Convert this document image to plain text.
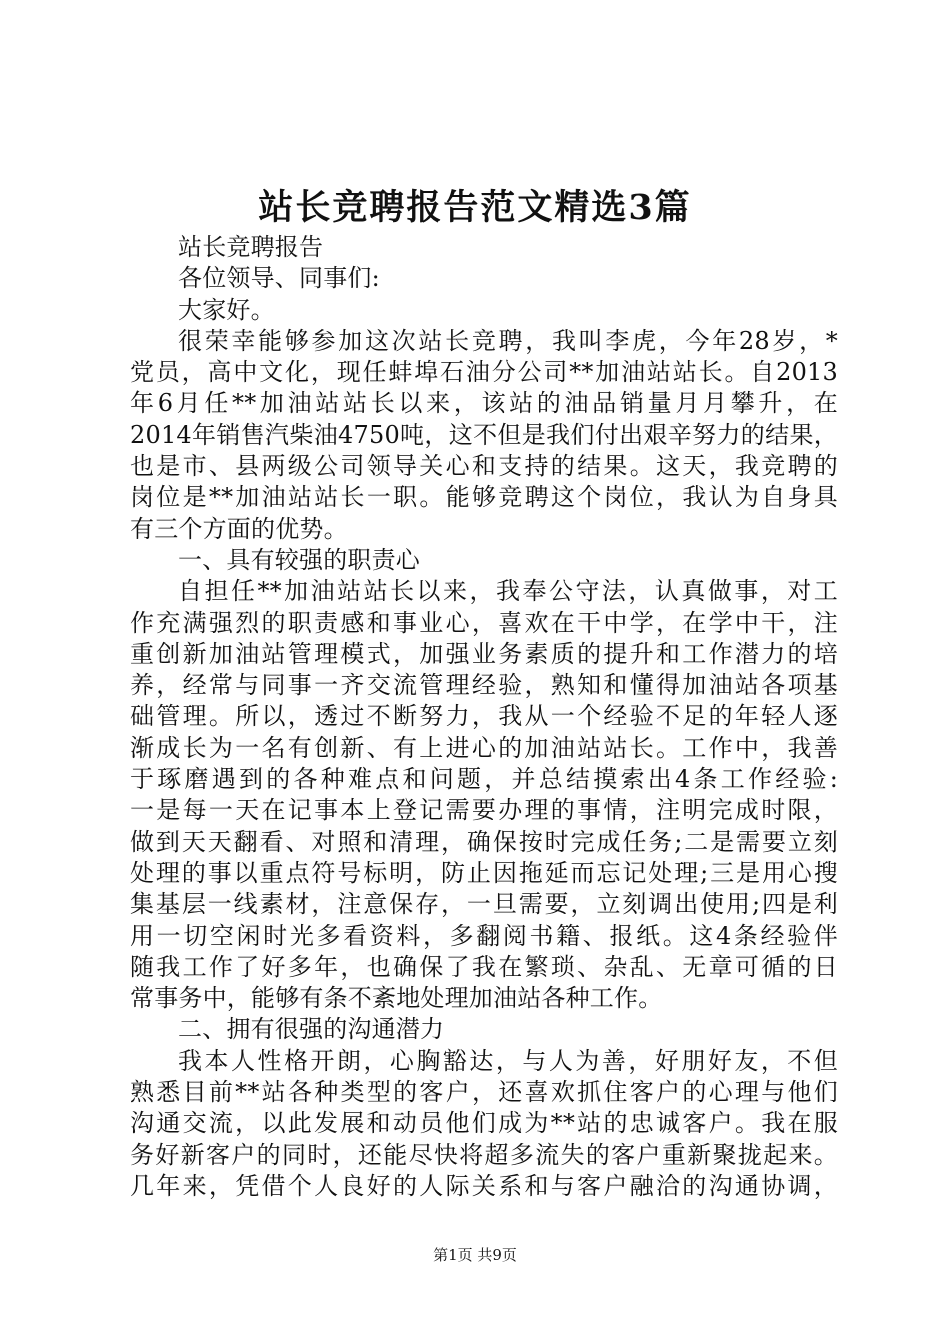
站长竞聘报告范文精选3篇
站长竞聘报告
各位领导、同事们:
大家好。
很荣幸能够参加这次站长竞聘，我叫李虎，今年28岁，*
党员，高中文化，现任蚌埠石油分公司**加油站站长。自2013
年6月任**加油站站长以来，该站的油品销量月月攀升，在
2014年销售汽柴油4750吨，这不但是我们付出艰辛努力的结果，
也是市、县两级公司领导关心和支持的结果。这天，我竞聘的
岗位是**加油站站长一职。能够竞聘这个岗位，我认为自身具
有三个方面的优势。
一、具有较强的职责心
自担任**加油站站长以来，我奉公守法，认真做事，对工
作充满强烈的职责感和事业心，喜欢在干中学，在学中干，注
重创新加油站管理模式，加强业务素质的提升和工作潜力的培
养，经常与同事一齐交流管理经验，熟知和懂得加油站各项基
础管理。所以，透过不断努力，我从一个经验不足的年轻人逐
渐成长为一名有创新、有上进心的加油站站长。工作中，我善
于琢磨遇到的各种难点和问题，并总结摸索出4条工作经验:
一是每一天在记事本上登记需要办理的事情，注明完成时限，
做到天天翻看、对照和清理，确保按时完成任务;二是需要立刻
处理的事以重点符号标明，防止因拖延而忘记处理;三是用心搜
集基层一线素材，注意保存，一旦需要，立刻调出使用;四是利
用一切空闲时光多看资料，多翻阅书籍、报纸。这4条经验伴
随我工作了好多年，也确保了我在繁琐、杂乱、无章可循的日
常事务中，能够有条不紊地处理加油站各种工作。
二、拥有很强的沟通潜力
我本人性格开朗，心胸豁达，与人为善，好朋好友，不但
熟悉目前**站各种类型的客户，还喜欢抓住客户的心理与他们
沟通交流，以此发展和动员他们成为**站的忠诚客户。我在服
务好新客户的同时，还能尽快将超多流失的客户重新聚拢起来。
几年来，凭借个人良好的人际关系和与客户融洽的沟通协调，
第1页 共9页
